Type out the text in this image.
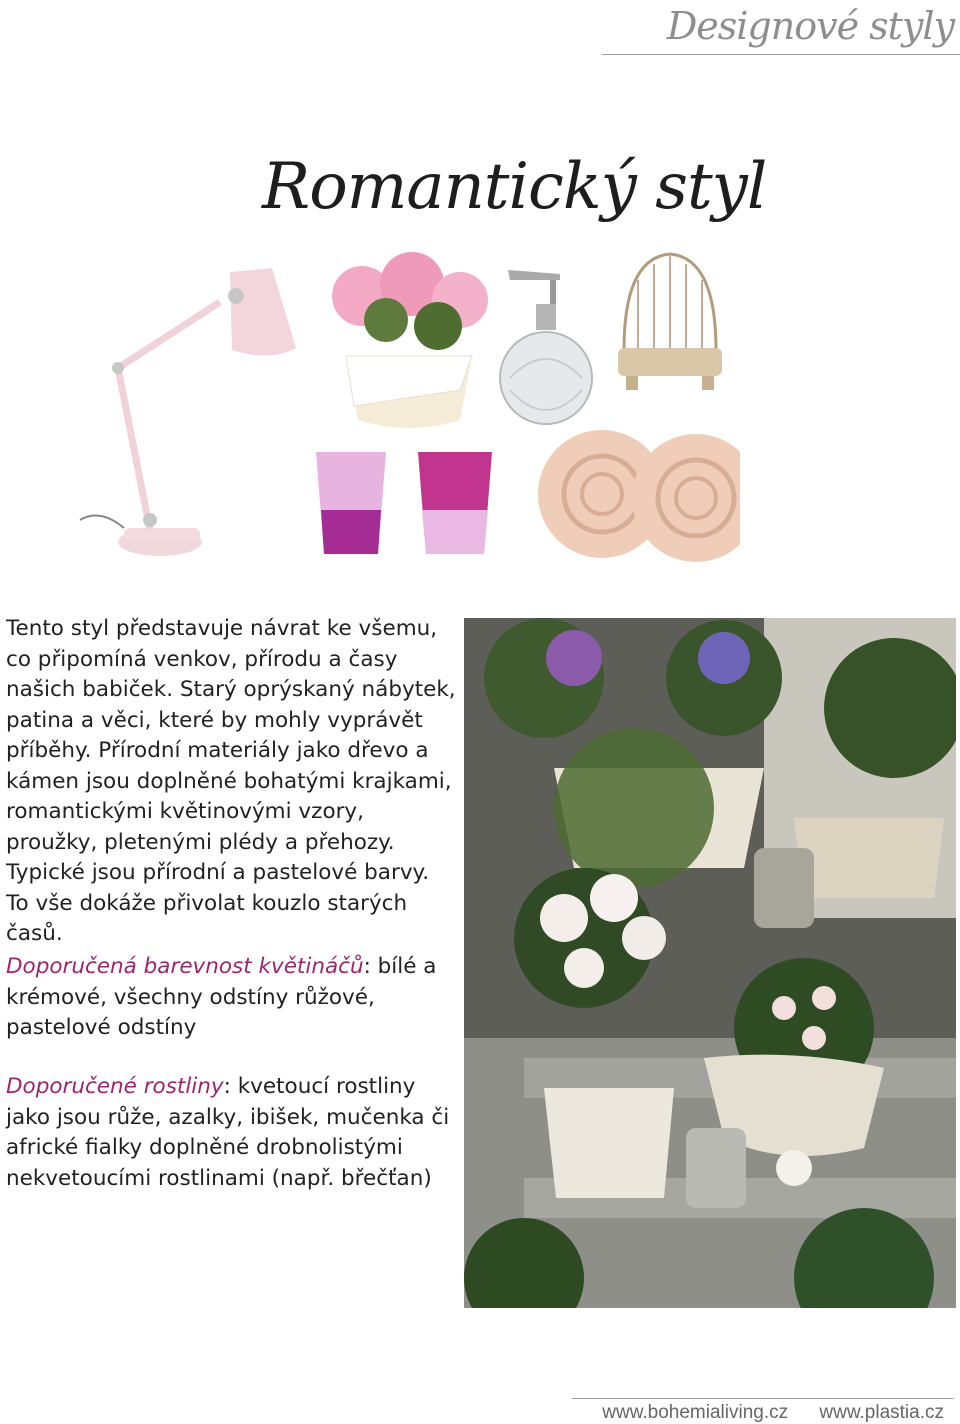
Designové styly
Romantický styl

Tento styl představuje návrat ke všemu, co připomíná venkov, přírodu a časy našich babiček. Starý oprýskaný nábytek, patina a věci, které by mohly vyprávět příběhy. Přírodní materiály jako dřevo a kámen jsou doplněné bohatými krajkami, romantickými květinovými vzory, proužky, pletenými plédy a přehozy. Typické jsou přírodní a pastelové barvy. To vše dokáže přivolat kouzlo starých časů.

Doporučená barevnost květináčů: bílé a krémové, všechny odstíny růžové, pastelové odstíny

Doporučené rostliny: kvetoucí rostliny jako jsou růže, azalky, ibišek, mučenka či africké fialky doplněné drobnolistými nekvetoucími rostlinami (např. břečťan)

www.bohemialiving.cz www.plastia.cz
